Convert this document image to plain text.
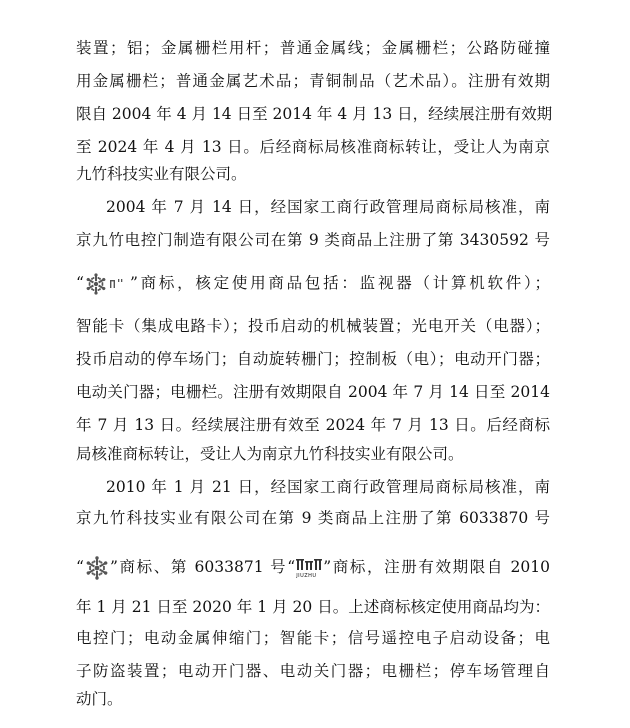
装置；铝；金属栅栏用杆；普通金属线；金属栅栏；公路防碰撞
用金属栅栏；普通金属艺术品；青铜制品（艺术品）。注册有效期
限自 2004 年 4 月 14 日至 2014 年 4 月 13 日，经续展注册有效期
至 2024 年 4 月 13 日。后经商标局核准商标转让，受让人为南京
九竹科技实业有限公司。
2004 年 7 月 14 日，经国家工商行政管理局商标局核准，南
京九竹电控门制造有限公司在第 9 类商品上注册了第 3430592 号
“	”商标，核定使用商品包括：监视器（计算机软件）；
智能卡（集成电路卡）；投币启动的机械装置；光电开关（电器）；
投币启动的停车场门；自动旋转栅门；控制板（电）；电动开门器；
电动关门器；电栅栏。注册有效期限自 2004 年 7 月 14 日至 2014
年 7 月 13 日。经续展注册有效至 2024 年 7 月 13 日。后经商标
局核准商标转让，受让人为南京九竹科技实业有限公司。
2010 年 1 月 21 日，经国家工商行政管理局商标局核准，南
京九竹科技实业有限公司在第 9 类商品上注册了第 6033870 号
“ ”商标、第 6033871 号“
JIUZHU
”商标，注册有效期限自 2010
年 1 月 21 日至 2020 年 1 月 20 日。上述商标核定使用商品均为：
电控门；电动金属伸缩门；智能卡；信号遥控电子启动设备；电
子防盗装置；电动开门器、电动关门器；电栅栏；停车场管理自
动门。
